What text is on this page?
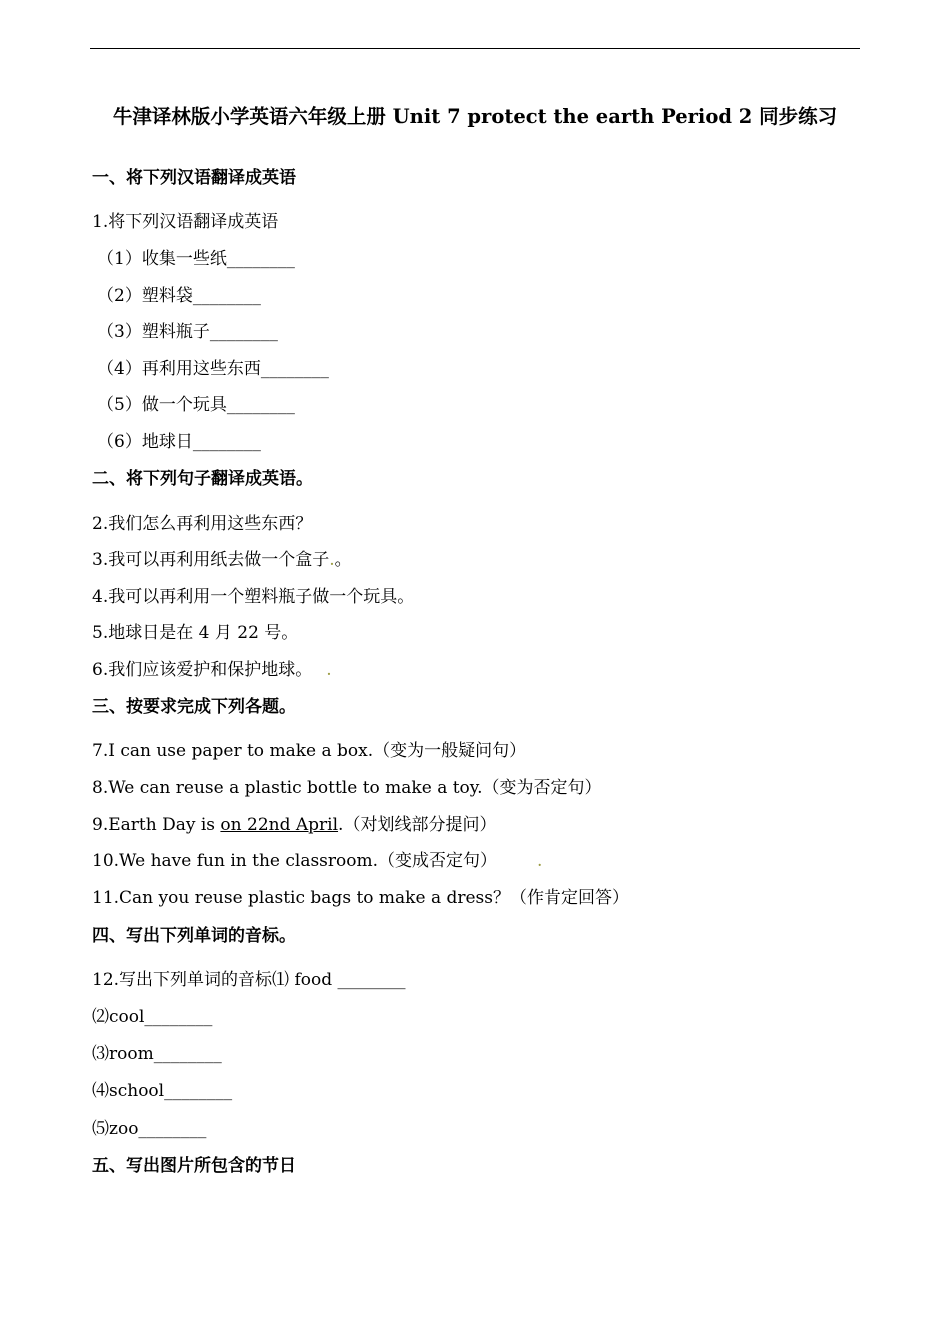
牛津译林版小学英语六年级上册 Unit 7 protect the earth Period 2 同步练习
一、将下列汉语翻译成英语
1.将下列汉语翻译成英语
（1）收集一些纸________
（2）塑料袋________
（3）塑料瓶子________
（4）再利用这些东西________
（5）做一个玩具________
（6）地球日________
二、将下列句子翻译成英语。
2.我们怎么再利用这些东西？
3.我可以再利用纸去做一个盒子.。
4.我可以再利用一个塑料瓶子做一个玩具。
5.地球日是在 4 月 22 号。
6.我们应该爱护和保护地球。 .
三、按要求完成下列各题。
7.I can use paper to make a box.（变为一般疑问句）
8.We can reuse a plastic bottle to make a toy.（变为否定句）
9.Earth Day is on 22nd April.（对划线部分提问）
10.We have fun in the classroom.（变成否定句） .
11.Can you reuse plastic bags to make a dress？（作肯定回答）
四、写出下列单词的音标。
12.写出下列单词的音标⑴ food ________
⑵cool________
⑶room________
⑷school________
⑸zoo________
五、写出图片所包含的节日
